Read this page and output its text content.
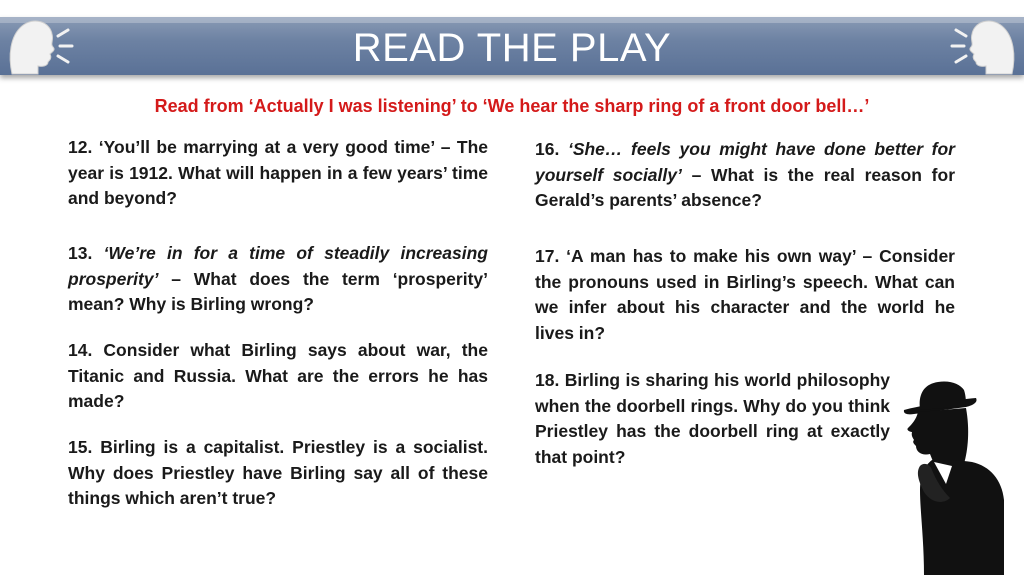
READ THE PLAY
Read from ‘Actually I was listening’ to ‘We hear the sharp ring of a front door bell…’
12. ‘You’ll be marrying at a very good time’ – The year is 1912. What will happen in a few years’ time and beyond?
13. ‘We’re in for a time of steadily increasing prosperity’ – What does the term ‘prosperity’ mean? Why is Birling wrong?
14. Consider what Birling says about war, the Titanic and Russia. What are the errors he has made?
15. Birling is a capitalist. Priestley is a socialist. Why does Priestley have Birling say all of these things which aren’t true?
16. ‘She… feels you might have done better for yourself socially’ – What is the real reason for Gerald’s parents’ absence?
17. ‘A man has to make his own way’ – Consider the pronouns used in Birling’s speech. What can we infer about his character and the world he lives in?
18. Birling is sharing his world philosophy when the doorbell rings. Why do you think Priestley has the doorbell ring at exactly that point?
